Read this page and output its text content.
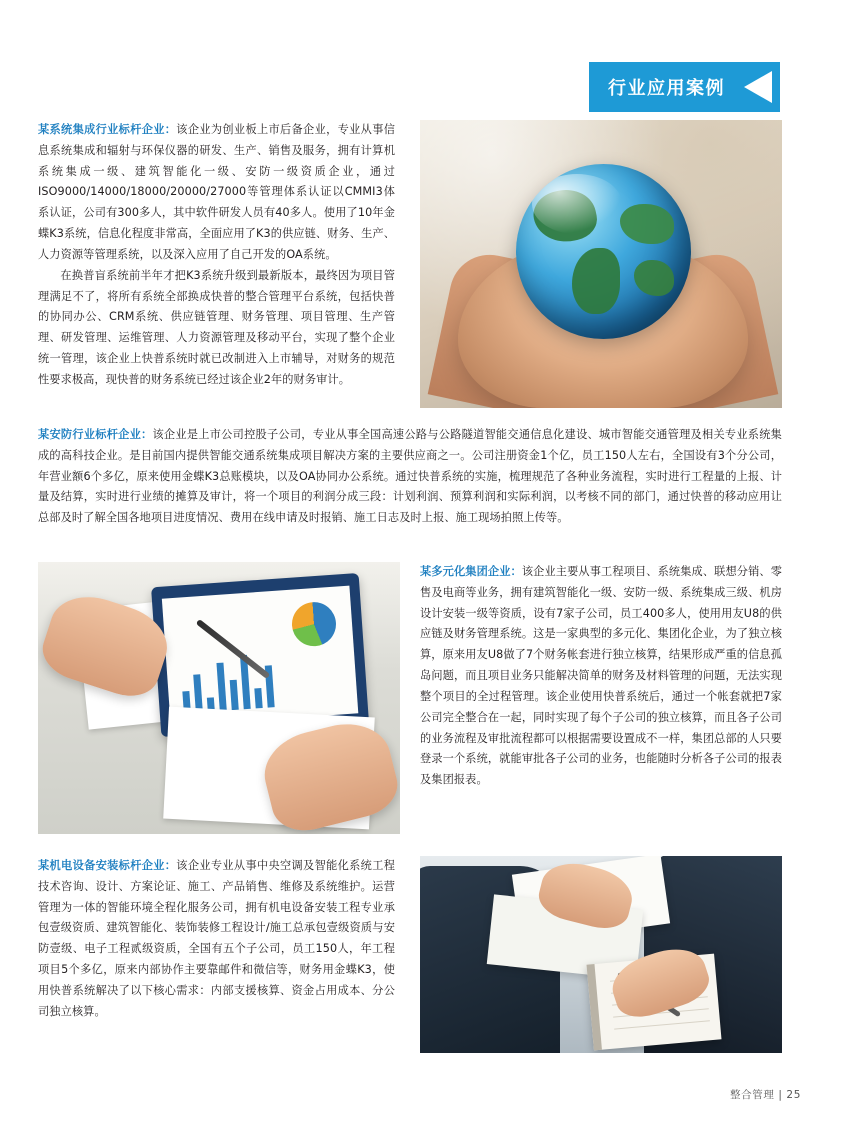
行业应用案例

某系统集成行业标杆企业：该企业为创业板上市后备企业，专业从事信息系统集成和辐射与环保仪器的研发、生产、销售及服务，拥有计算机系统集成一级、建筑智能化一级、安防一级资质企业，通过ISO9000/14000/18000/20000/27000等管理体系认证以CMMI3体系认证，公司有300多人，其中软件研发人员有40多人。使用了10年金蝶K3系统，信息化程度非常高，全面应用了K3的供应链、财务、生产、人力资源等管理系统，以及深入应用了自己开发的OA系统。

在换普盲系统前半年才把K3系统升级到最新版本，最终因为项目管理满足不了，将所有系统全部换成快普的整合管理平台系统，包括快普的协同办公、CRM系统、供应链管理、财务管理、项目管理、生产管理、研发管理、运维管理、人力资源管理及移动平台，实现了整个企业统一管理，该企业上快普系统时就已改制进入上市辅导，对财务的规范性要求极高，现快普的财务系统已经过该企业2年的财务审计。

某安防行业标杆企业：该企业是上市公司控股子公司，专业从事全国高速公路与公路隧道智能交通信息化建设、城市智能交通管理及相关专业系统集成的高科技企业。是目前国内提供智能交通系统集成项目解决方案的主要供应商之一。公司注册资金1个亿，员工150人左右，全国设有3个分公司，年营业额6个多亿，原来使用金蝶K3总账模块，以及OA协同办公系统。通过快普系统的实施，梳理规范了各种业务流程，实时进行工程量的上报、计量及结算，实时进行业绩的摊算及审计，将一个项目的利润分成三段：计划利润、预算利润和实际利润，以考核不同的部门，通过快普的移动应用让总部及时了解全国各地项目进度情况、费用在线申请及时报销、施工日志及时上报、施工现场拍照上传等。

某多元化集团企业：该企业主要从事工程项目、系统集成、联想分销、零售及电商等业务，拥有建筑智能化一级、安防一级、系统集成三级、机房设计安装一级等资质，设有7家子公司，员工400多人，使用用友U8的供应链及财务管理系统。这是一家典型的多元化、集团化企业，为了独立核算，原来用友U8做了7个财务帐套进行独立核算，结果形成严重的信息孤岛问题，而且项目业务只能解决简单的财务及材料管理的问题，无法实现整个项目的全过程管理。该企业使用快普系统后，通过一个帐套就把7家公司完全整合在一起，同时实现了每个子公司的独立核算，而且各子公司的业务流程及审批流程都可以根据需要设置成不一样，集团总部的人只要登录一个系统，就能审批各子公司的业务，也能随时分析各子公司的报表及集团报表。

某机电设备安装标杆企业：该企业专业从事中央空调及智能化系统工程技术咨询、设计、方案论证、施工、产品销售、维修及系统维护。运营管理为一体的智能环境全程化服务公司，拥有机电设备安装工程专业承包壹级资质、建筑智能化、装饰装修工程设计/施工总承包壹级资质与安防壹级、电子工程贰级资质，全国有五个子公司，员工150人，年工程项目5个多亿，原来内部协作主要靠邮件和微信等，财务用金蝶K3，使用快普系统解决了以下核心需求：内部支援核算、资金占用成本、分公司独立核算。

整合管理 | 25
